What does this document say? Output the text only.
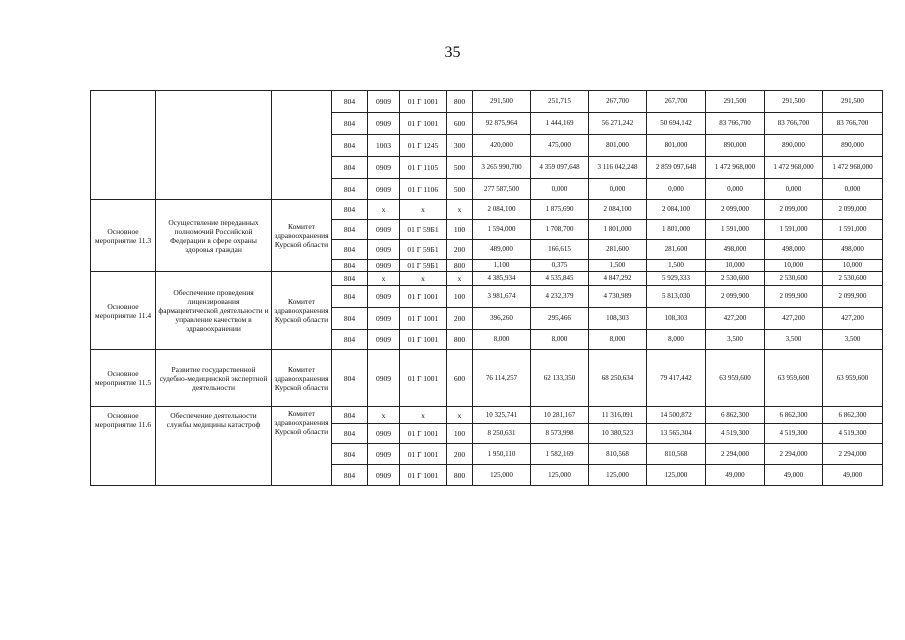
35
			804	0909	01 Г 1001	800	291,500	251,715	267,700	267,700	291,500	291,500	291,500
			804	0909	01 Г 1001	600	92 875,964	1 444,169	56 271,242	50 694,142	83 766,700	83 766,700	83 766,700
			804	1003	01 Г 1245	300	420,000	475,000	801,000	801,000	890,000	890,000	890,000
			804	0909	01 Г 1105	500	3 265 990,700	4 359 097,648	3 116 042,248	2 859 097,648	1 472 968,000	1 472 968,000	1 472 968,000
			804	0909	01 Г 1106	500	277 587,500	0,000	0,000	0,000	0,000	0,000	0,000
Основное мероприятие 11.3	Осуществление переданных полномочий Российской Федерации в сфере охраны здоровья граждан	Комитет здравоохранения Курской области	804	х	х	х	2 084,100	1 875,690	2 084,100	2 084,100	2 099,000	2 099,000	2 099,000
			804	0909	01 Г 59Б1	100	1 594,000	1 708,700	1 801,000	1 801,000	1 591,000	1 591,000	1 591,000
			804	0909	01 Г 59Б1	200	489,000	166,615	281,600	281,600	498,000	498,000	498,000
			804	0909	01 Г 59Б1	800	1,100	0,375	1,500	1,500	10,000	10,000	10,000
Основное мероприятие 11.4	Обеспечение проведения лицензирования фармацевтической деятельности и управление качеством в здравоохранении	Комитет здравоохранения Курской области	804	х	х	х	4 385,934	4 535,845	4 847,292	5 929,333	2 530,600	2 530,600	2 530,600
			804	0909	01 Г 1001	100	3 981,674	4 232,379	4 730,989	5 813,030	2 099,900	2 099,900	2 099,900
			804	0909	01 Г 1001	200	396,260	295,466	108,303	108,303	427,200	427,200	427,200
			804	0909	01 Г 1001	800	8,000	8,000	8,000	8,000	3,500	3,500	3,500
Основное мероприятие 11.5	Развитие государственной судебно-медицинской экспертной деятельности	Комитет здравоохранения Курской области	804	0909	01 Г 1001	600	76 114,257	62 133,350	68 250,634	79 417,442	63 959,600	63 959,600	63 959,600
Основное мероприятие 11.6	Обеспечение деятельности службы медицины катастроф	Комитет здравоохранения Курской области	804	х	х	х	10 325,741	10 281,167	11 316,091	14 500,872	6 862,300	6 862,300	6 862,300
			804	0909	01 Г 1001	100	8 250,631	8 573,998	10 380,523	13 565,304	4 519,300	4 519,300	4 519,300
			804	0909	01 Г 1001	200	1 950,110	1 582,169	810,568	810,568	2 294,000	2 294,000	2 294,000
			804	0909	01 Г 1001	800	125,000	125,000	125,000	125,000	49,000	49,000	49,000
